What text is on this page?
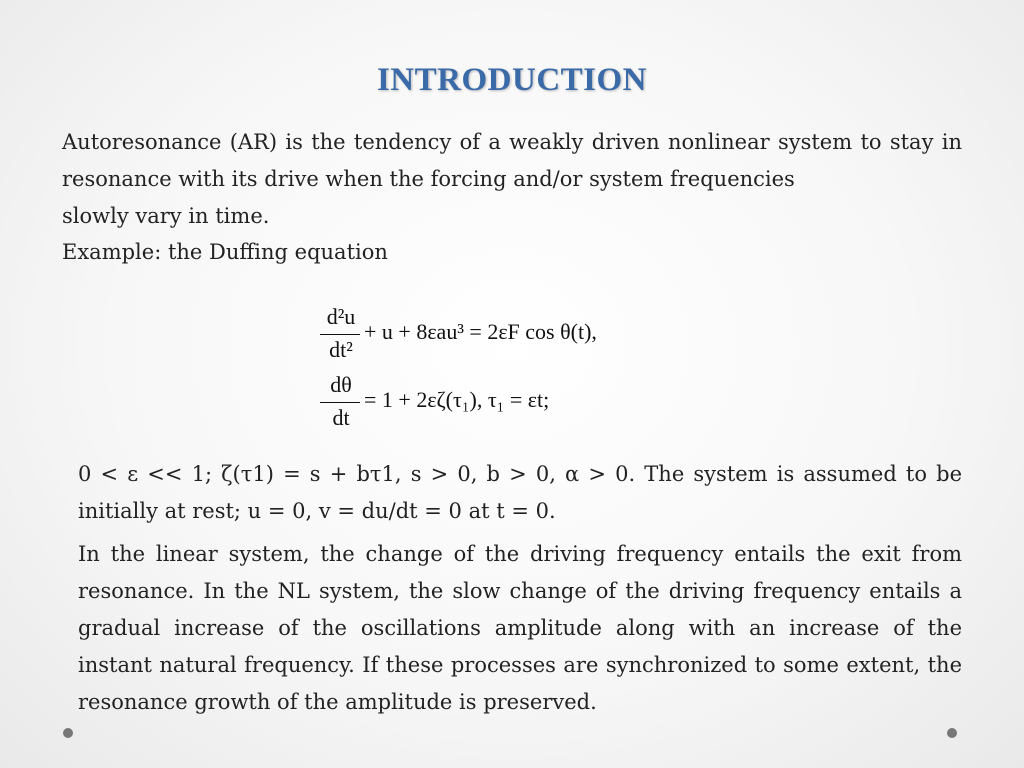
INTRODUCTION
Autoresonance (AR) is the tendency of a weakly driven nonlinear system to stay in resonance with its drive when the forcing and/or system frequencies
slowly vary in time.
Example: the Duffing equation
d²u
dt²
+ u + 8εau³ = 2εF cos θ(t),
dθ
dt
= 1 + 2εζ(τ₁), τ₁ = εt;
0 < ε << 1; ζ(τ1) = s + bτ1, s > 0, b > 0, α > 0. The system is assumed to be initially at rest; u = 0, v = du/dt = 0 at t = 0.
In the linear system, the change of the driving frequency entails the exit from resonance. In the NL system, the slow change of the driving frequency entails a gradual increase of the oscillations amplitude along with an increase of the instant natural frequency. If these processes are synchronized to some extent, the resonance growth of the amplitude is preserved.
